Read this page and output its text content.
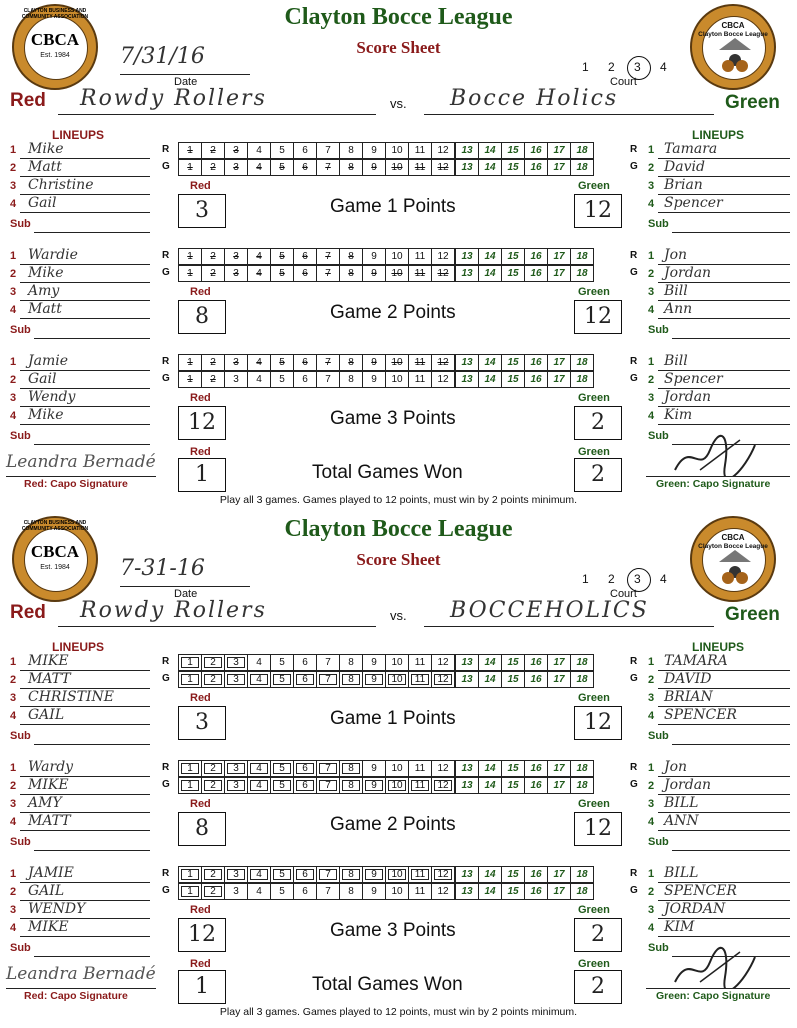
Clayton Bocce League
Score Sheet
CLAYTON BUSINESS AND COMMUNITY ASSOCIATION
CBCA
Est. 1984
CBCA
Clayton Bocce League
7/31/16
Date
1 2 3 4
Court
Red Rowdy Rollers	vs. Bocce Holics	Green
LINEUPS	LINEUPS
1 Mike
2 Matt
3 Christine
4 Gail
Sub
1 Tamara
2 David
3 Brian
4 Spencer
Sub
R	R
1	2	3	4	5	6	7	8	9	10	11	12	13	14	15	16	17	18
G	G
1	2	3	4	5	6	7	8	9	10	11	12	13	14	15	16	17	18
Red
3
Green
12
Game 1 Points
1 Wardie
2 Mike
3 Amy
4 Matt
Sub
1 Jon
2 Jordan
3 Bill
4 Ann
Sub
R	R
1	2	3	4	5	6	7	8	9	10	11	12	13	14	15	16	17	18
G	G
1	2	3	4	5	6	7	8	9	10	11	12	13	14	15	16	17	18
Red
8
Green
12
Game 2 Points
1 Jamie
2 Gail
3 Wendy
4 Mike
Sub
1 Bill
2 Spencer
3 Jordan
4 Kim
Sub
R	R
1	2	3	4	5	6	7	8	9	10	11	12	13	14	15	16	17	18
G	G
1	2	3	4	5	6	7	8	9	10	11	12	13	14	15	16	17	18
Red
12
Green
2
Game 3 Points
Red
1
Green
2
Total Games Won
Leandra Bernadé
Red: Capo Signature	Green: Capo Signature
Play all 3 games. Games played to 12 points, must win by 2 points minimum.
Clayton Bocce League
Score Sheet
CLAYTON BUSINESS AND COMMUNITY ASSOCIATION
CBCA
Est. 1984
CBCA
Clayton Bocce League
7-31-16
Date
1 2 3 4
Court
Red Rowdy Rollers	vs. BOCCEHOLICS	Green
LINEUPS	LINEUPS
1 MIKE
2 MATT
3 CHRISTINE
4 GAIL
Sub
1 TAMARA
2 DAVID
3 BRIAN
4 SPENCER
Sub
R	R
1	2	3	4	5	6	7	8	9	10	11	12	13	14	15	16	17	18
G	G
1	2	3	4	5	6	7	8	9	10	11	12	13	14	15	16	17	18
Red
3
Green
12
Game 1 Points
1 Wardy
2 MIKE
3 AMY
4 MATT
Sub
1 Jon
2 Jordan
3 BILL
4 ANN
Sub
R	R
1	2	3	4	5	6	7	8	9	10	11	12	13	14	15	16	17	18
G	G
1	2	3	4	5	6	7	8	9	10	11	12	13	14	15	16	17	18
Red
8
Green
12
Game 2 Points
1 JAMIE
2 GAIL
3 WENDY
4 MIKE
Sub
1 BILL
2 SPENCER
3 JORDAN
4 KIM
Sub
R	R
1	2	3	4	5	6	7	8	9	10	11	12	13	14	15	16	17	18
G	G
1	2	3	4	5	6	7	8	9	10	11	12	13	14	15	16	17	18
Red
12
Green
2
Game 3 Points
Red
1
Green
2
Total Games Won
Leandra Bernadé
Red: Capo Signature	Green: Capo Signature
Play all 3 games. Games played to 12 points, must win by 2 points minimum.
